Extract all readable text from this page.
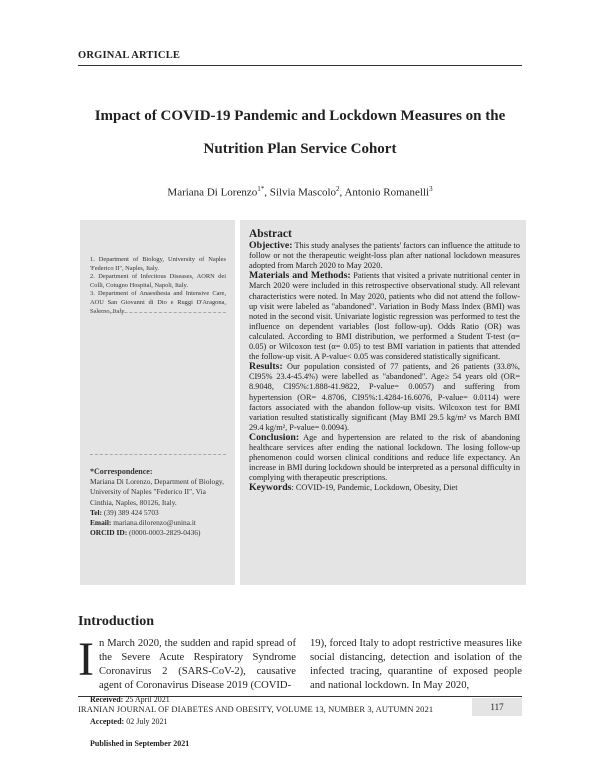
ORGINAL ARTICLE
Impact of COVID-19 Pandemic and Lockdown Measures on the
Nutrition Plan Service Cohort
Mariana Di Lorenzo$^{1*}$, Silvia Mascolo$^2$, Antonio Romanelli$^3$
1. Department of Biology, University of Naples 'Federico II", Naples, Italy.
2. Department of Infectious Diseases, AORN dei Colli, Cotugno Hospital, Napoli, Italy.
3. Department of Anaesthesia and Intensive Care, AOU San Giovanni di Dio e Ruggi D'Aragona, Salerno, Italy.
*Correspondence:
Mariana Di Lorenzo, Department of Biology, University of Naples "Federico II", Via Cinthia, Naples, 80126, Italy.
Tel: (39) 389 424 5703
Email: mariana.dilorenzo@unina.it
ORCID ID: (0000-0003-2829-0436)
Received: 25 April 2021
Accepted: 02 July 2021
Published in September 2021
Abstract

Objective: This study analyses the patients' factors can influence the attitude to follow or not the therapeutic weight-loss plan after national lockdown measures adopted from March 2020 to May 2020.

Materials and Methods: Patients that visited a private nutritional center in March 2020 were included in this retrospective observational study. All relevant characteristics were noted. In May 2020, patients who did not attend the follow-up visit were labeled as "abandoned". Variation in Body Mass Index (BMI) was noted in the second visit. Univariate logistic regression was performed to test the influence on dependent variables (lost follow-up). Odds Ratio (OR) was calculated. According to BMI distribution, we performed a Student T-test (α= 0.05) or Wilcoxon test (α= 0.05) to test BMI variation in patients that attended the follow-up visit. A P-value< 0.05 was considered statistically significant.

Results: Our population consisted of 77 patients, and 26 patients (33.8%, CI95% 23.4-45.4%) were labelled as "abandoned". Age≥ 54 years old (OR= 8.9048, CI95%:1.888-41.9822, P-value= 0.0057) and suffering from hypertension (OR= 4.8706, CI95%:1.4284-16.6076, P-value= 0.0114) were factors associated with the abandon follow-up visits. Wilcoxon test for BMI variation resulted statistically significant (May BMI 29.5 kg/m² vs March BMI 29.4 kg/m², P-value= 0.0094).

Conclusion: Age and hypertension are related to the risk of abandoning healthcare services after ending the national lockdown. The losing follow-up phenomenon could worsen clinical conditions and reduce life expectancy. An increase in BMI during lockdown should be interpreted as a personal difficulty in complying with therapeutic prescriptions.

Keywords: COVID-19, Pandemic, Lockdown, Obesity, Diet

Introduction
In March 2020, the sudden and rapid spread of the Severe Acute Respiratory Syndrome Coronavirus 2 (SARS-CoV-2), causative agent of Coronavirus Disease 2019 (COVID-
19), forced Italy to adopt restrictive measures like social distancing, detection and isolation of the infected tracing, quarantine of exposed people and national lockdown. In May 2020,
IRANIAN JOURNAL OF DIABETES AND OBESITY, VOLUME 13, NUMBER 3, AUTUMN 2021	117
